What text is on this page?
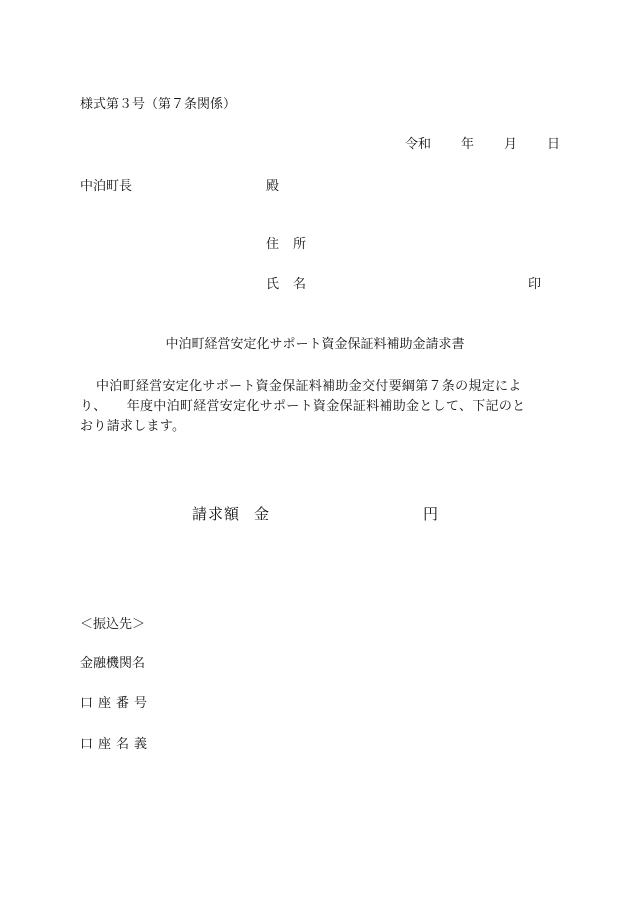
様式第３号（第７条関係）
令和 年 月 日
中泊町長	殿
住所
氏名	印
中泊町経営安定化サポート資金保証料補助金請求書
中泊町経営安定化サポート資金保証料補助金交付要綱第７条の規定によ
り、　　年度中泊町経営安定化サポート資金保証料補助金として、下記のと
おり請求します。
請求額 金	円
＜振込先＞
金融機関名
口座番号
口座名義
